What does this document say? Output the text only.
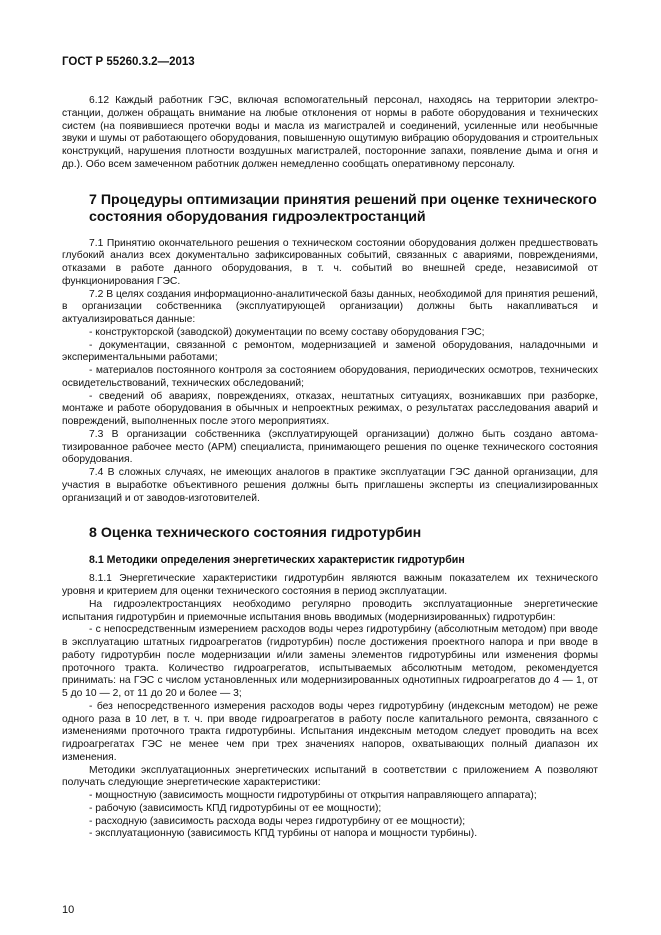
ГОСТ Р 55260.3.2—2013

6.12 Каждый работник ГЭС, включая вспомогательный персонал, находясь на территории электростанции, должен обращать внимание на любые отклонения от нормы в работе оборудования и технических систем (на появившиеся протечки воды и масла из магистралей и соединений, усиленные или необычные звуки и шумы от работающего оборудования, повышенную ощутимую вибрацию оборудования и строительных конструкций, нарушения плотности воздушных магистралей, посторонние запахи, появление дыма и огня и др.). Обо всем замеченном работник должен немедленно сообщать оперативному персоналу.

7 Процедуры оптимизации принятия решений при оценке технического состояния оборудования гидроэлектростанций

7.1 Принятию окончательного решения о техническом состоянии оборудования должен предшествовать глубокий анализ всех документально зафиксированных событий, связанных с авариями, повреждениями, отказами в работе данного оборудования, в т. ч. событий во внешней среде, независимой от функционирования ГЭС.

7.2 В целях создания информационно-аналитической базы данных, необходимой для принятия решений, в организации собственника (эксплуатирующей организации) должны быть накапливаться и актуализироваться данные:

- конструкторской (заводской) документации по всему составу оборудования ГЭС;

- документации, связанной с ремонтом, модернизацией и заменой оборудования, наладочными и экспериментальными работами;

- материалов постоянного контроля за состоянием оборудования, периодических осмотров, технических освидетельствований, технических обследований;

- сведений об авариях, повреждениях, отказах, нештатных ситуациях, возникавших при разборке, монтаже и работе оборудования в обычных и непроектных режимах, о результатах расследования аварий и повреждений, выполненных после этого мероприятиях.

7.3 В организации собственника (эксплуатирующей организации) должно быть создано автоматизированное рабочее место (АРМ) специалиста, принимающего решения по оценке технического состояния оборудования.

7.4 В сложных случаях, не имеющих аналогов в практике эксплуатации ГЭС данной организации, для участия в выработке объективного решения должны быть приглашены эксперты из специализированных организаций и от заводов-изготовителей.

8 Оценка технического состояния гидротурбин
8.1 Методики определения энергетических характеристик гидротурбин

8.1.1 Энергетические характеристики гидротурбин являются важным показателем их технического уровня и критерием для оценки технического состояния в период эксплуатации.

На гидроэлектростанциях необходимо регулярно проводить эксплуатационные энергетические испытания гидротурбин и приемочные испытания вновь вводимых (модернизированных) гидротурбин:

- с непосредственным измерением расходов воды через гидротурбину (абсолютным методом) при вводе в эксплуатацию штатных гидроагрегатов (гидротурбин) после достижения проектного напора и при вводе в работу гидротурбин после модернизации и/или замены элементов гидротурбины или изменения формы проточного тракта. Количество гидроагрегатов, испытываемых абсолютным методом, рекомендуется принимать: на ГЭС с числом установленных или модернизированных однотипных гидроагрегатов до 4 — 1, от 5 до 10 — 2, от 11 до 20 и более — 3;

- без непосредственного измерения расходов воды через гидротурбину (индексным методом) не реже одного раза в 10 лет, в т. ч. при вводе гидроагрегатов в работу после капитального ремонта, связанного с изменениями проточного тракта гидротурбины. Испытания индексным методом следует проводить на всех гидроагрегатах ГЭС не менее чем при трех значениях напоров, охватывающих полный диапазон их изменения.

Методики эксплуатационных энергетических испытаний в соответствии с приложением А позволяют получать следующие энергетические характеристики:

- мощностную (зависимость мощности гидротурбины от открытия направляющего аппарата);

- рабочую (зависимость КПД гидротурбины от ее мощности);

- расходную (зависимость расхода воды через гидротурбину от ее мощности);

- эксплуатационную (зависимость КПД турбины от напора и мощности турбины).

10
